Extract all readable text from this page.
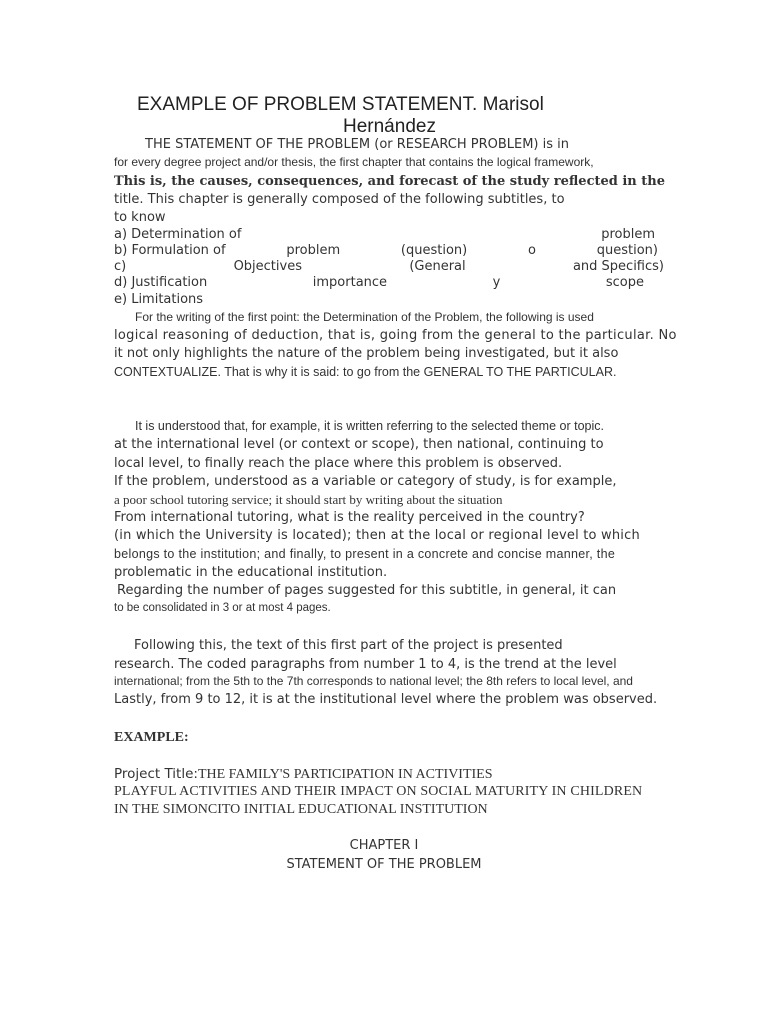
EXAMPLE OF PROBLEM STATEMENT. Marisol
Hernández
THE STATEMENT OF THE PROBLEM (or RESEARCH PROBLEM) is in
for every degree project and/or thesis, the first chapter that contains the logical framework,
This is, the causes, consequences, and forecast of the study reflected in the
title. This chapter is generally composed of the following subtitles, to
to know
a) Determination of	problem
b) Formulation of	problem	(question)	o	question)
c)	Objectives	(General	and Specifics)
d) Justification	importance	y	scope
e) Limitations
For the writing of the first point: the Determination of the Problem, the following is used
logical reasoning of deduction, that is, going from the general to the particular. No
it not only highlights the nature of the problem being investigated, but it also
CONTEXTUALIZE. That is why it is said: to go from the GENERAL TO THE PARTICULAR.
It is understood that, for example, it is written referring to the selected theme or topic.
at the international level (or context or scope), then national, continuing to
local level, to finally reach the place where this problem is observed.
If the problem, understood as a variable or category of study, is for example,
a poor school tutoring service; it should start by writing about the situation
From international tutoring, what is the reality perceived in the country?
(in which the University is located); then at the local or regional level to which
belongs to the institution; and finally, to present in a concrete and concise manner, the
problematic in the educational institution.
Regarding the number of pages suggested for this subtitle, in general, it can
to be consolidated in 3 or at most 4 pages.
Following this, the text of this first part of the project is presented
research. The coded paragraphs from number 1 to 4, is the trend at the level
international; from the 5th to the 7th corresponds to national level; the 8th refers to local level, and
Lastly, from 9 to 12, it is at the institutional level where the problem was observed.
EXAMPLE:
Project Title:THE FAMILY'S PARTICIPATION IN ACTIVITIES
PLAYFUL ACTIVITIES AND THEIR IMPACT ON SOCIAL MATURITY IN CHILDREN
IN THE SIMONCITO INITIAL EDUCATIONAL INSTITUTION
CHAPTER I
STATEMENT OF THE PROBLEM
